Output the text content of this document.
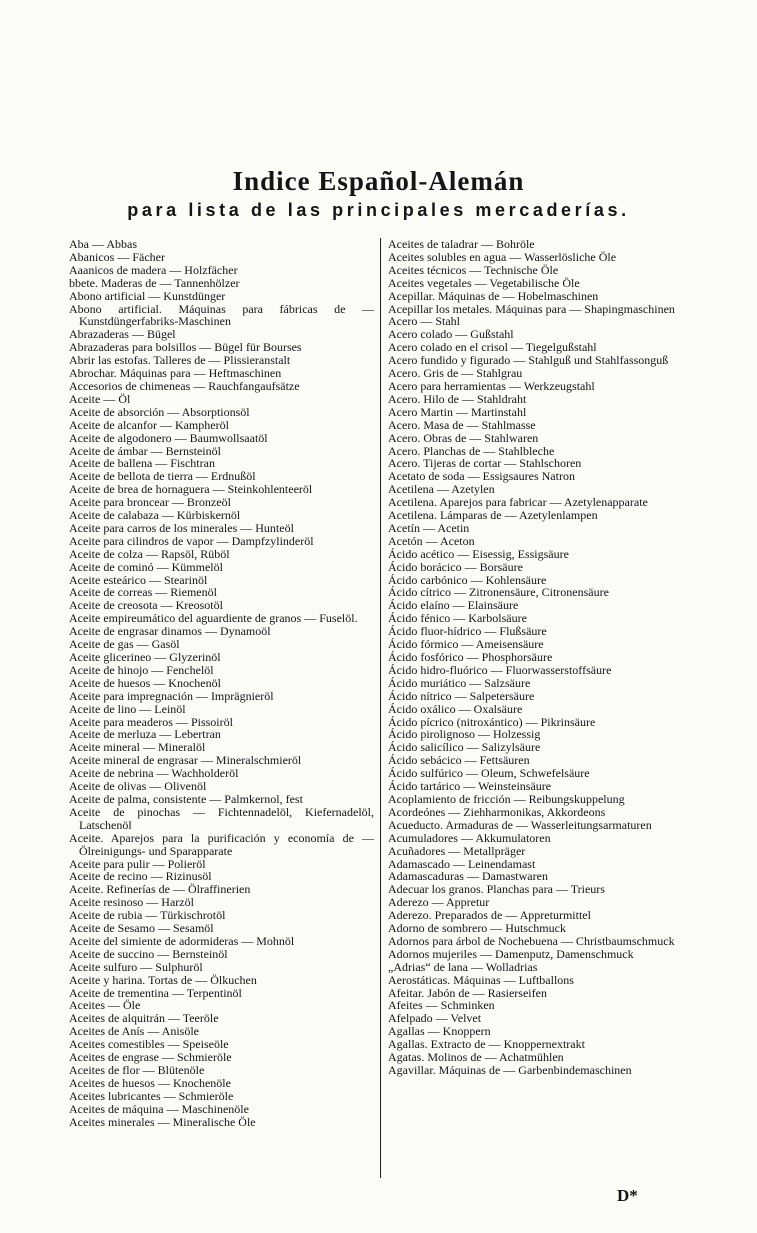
Indice Español-Alemán
para lista de las principales mercaderías.
Aba — Abbas
Abanicos — Fächer
Aaanicos de madera — Holzfächer
bbete. Maderas de — Tannenhölzer
Abono artificial — Kunstdünger
Abono artificial. Máquinas para fábricas de — Kunstdüngerfabriks-Maschinen
Abrazaderas — Bügel
Abrazaderas para bolsillos — Bügel für Bourses
Abrir las estofas. Talleres de — Plissieranstalt
Abrochar. Máquinas para — Heftmaschinen
Accesorios de chimeneas — Rauchfangaufsätze
Aceite — Öl
Aceite de absorción — Absorptionsöl
Aceite de alcanfor — Kampheröl
Aceite de algodonero — Baumwollsaatöl
Aceite de ámbar — Bernsteinöl
Aceite de ballena — Fischtran
Aceite de bellota de tierra — Erdnußöl
Aceite de brea de hornaguera — Steinkohlenteeröl
Aceite para broncear — Bronzeöl
Aceite de calabaza — Kürbiskernöl
Aceite para carros de los minerales — Huntеöl
Aceite para cilindros de vapor — Dampfzylinderöl
Aceite de colza — Rapsöl, Rüböl
Aceite de cominó — Kümmelöl
Aceite esteárico — Stearinöl
Aceite de correas — Riemenöl
Aceite de creosota — Kreosotöl
Aceite empireumático del aguardiente de granos — Fuselöl.
Aceite de engrasar dinamos — Dynamoöl
Aceite de gas — Gasöl
Aceite glicerineo — Glyzerinöl
Aceite de hinojo — Fenchelöl
Aceite de huesos — Knochenöl
Aceite para impregnación — Imprägnieröl
Aceite de lino — Leinöl
Aceite para meaderos — Pissoiröl
Aceite de merluza — Lebertran
Aceite mineral — Mineralöl
Aceite mineral de engrasar — Mineralschmieröl
Aceite de nebrina — Wachholderöl
Aceite de olivas — Olivenöl
Aceite de palma, consistente — Palmkernol, fest
Aceite de pinochas — Fichtennadelöl, Kiefernadelöl, Latschenöl
Aceite. Aparejos para la purificación y economía de — Ölreinigungs- und Sparapparate
Aceite para pulir — Polieröl
Aceite de recino — Rizinusöl
Aceite. Refinerías de — Ölraffinerien
Aceite resinoso — Harzöl
Aceite de rubia — Türkischrotöl
Aceite de Sesamo — Sesamöl
Aceite del simiente de adormideras — Mohnöl
Aceite de succino — Bernsteinöl
Aceite sulfuro — Sulphuröl
Aceite y harina. Tortas de — Ölkuchen
Aceite de trementina — Terpentinöl
Aceites — Öle
Aceites de alquitrán — Teeröle
Aceites de Anís — Anisöle
Aceites comestibles — Speiseöle
Aceites de engrase — Schmieröle
Aceites de flor — Blütenöle
Aceites de huesos — Knochenöle
Aceites lubricantes — Schmieröle
Aceites de máquina — Maschinenöle
Aceites minerales — Mineralische Öle
Aceites de taladrar — Bohröle
Aceites solubles en agua — Wasserlösliche Öle
Aceites técnicos — Technische Öle
Aceites vegetales — Vegetabilische Öle
Acepillar. Máquinas de — Hobelmaschinen
Acepillar los metales. Máquinas para — Shapingmaschinen
Acero — Stahl
Acero colado — Gußstahl
Acero colado en el crisol — Tiegelgußstahl
Acero fundido y figurado — Stahlguß und Stahlfassonguß
Acero. Gris de — Stahlgrau
Acero para herramientas — Werkzeugstahl
Acero. Hilo de — Stahldraht
Acero Martin — Martinstahl
Acero. Masa de — Stahlmasse
Acero. Obras de — Stahlwaren
Acero. Planchas de — Stahlbleche
Acero. Tijeras de cortar — Stahlschoren
Acetato de soda — Essigsaures Natron
Acetilena — Azetylen
Acetilena. Aparejos para fabricar — Azetylenapparate
Acetilena. Lámparas de — Azetylenlampen
Acetín — Acetin
Acetón — Aceton
Ácido acético — Eisessig, Essigsäure
Ácido borácico — Borsäure
Ácido carbónico — Kohlensäure
Ácido cítrico — Zitronensäure, Citronensäure
Ácido elaíno — Elainsäure
Ácido fénico — Karbolsäure
Ácido fluor-hídrico — Flußsäure
Ácido fórmico — Ameisensäure
Ácido fosfórico — Phosphorsäure
Ácido hidro-fluórico — Fluorwasserstoffsäure
Ácido muriático — Salzsäure
Ácido nítrico — Salpetersäure
Ácido oxálico — Oxalsäure
Ácido pícrico (nitroxántico) — Pikrinsäure
Ácido pirolignoso — Holzessig
Ácido salicílico — Salizylsäure
Ácido sebácico — Fettsäuren
Ácido sulfúrico — Oleum, Schwefelsäure
Ácido tartárico — Weinsteinsäure
Acoplamiento de fricción — Reibungskuppelung
Acordeónes — Ziehharmonikas, Akkordeons
Acueducto. Armaduras de — Wasserleitungsarmaturen
Acumuladores — Akkumulatoren
Acuñadores — Metallpräger
Adamascado — Leinendamast
Adamascaduras — Damastwaren
Adecuar los granos. Planchas para — Trieurs
Aderezo — Appretur
Aderezo. Preparados de — Appreturmittel
Adorno de sombrero — Hutschmuck
Adornos para árbol de Nochebuena — Christbaumschmuck
Adornos mujeriles — Damenputz, Damenschmuck
„Adrias“ de lana — Wolladrias
Aerostáticas. Máquinas — Luftballons
Afeitar. Jabón de — Rasierseifen
Afeites — Schminken
Afelpado — Velvet
Agallas — Knoppern
Agallas. Extracto de — Knoppernextrakt
Agatas. Molinos de — Achatmühlen
Agavillar. Máquinas de — Garbenbindemaschinen
D*
